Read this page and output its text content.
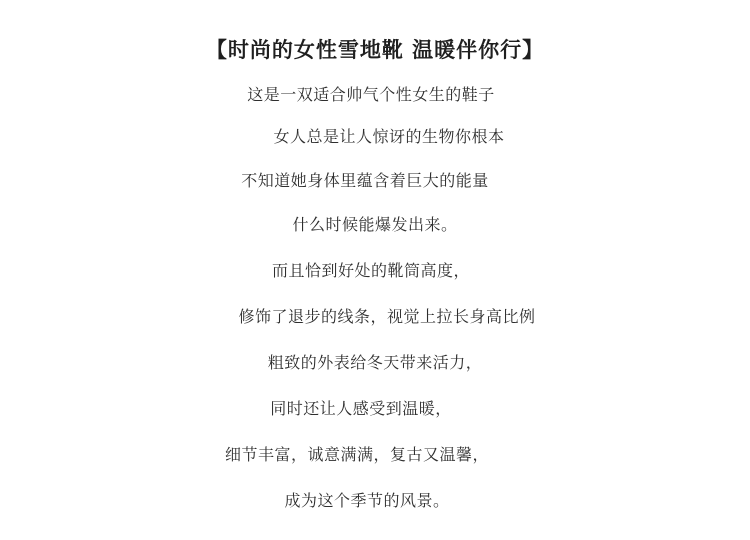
【时尚的女性雪地靴 温暖伴你行】
这是一双适合帅气个性女生的鞋子
女人总是让人惊讶的生物你根本
不知道她身体里蕴含着巨大的能量
什么时候能爆发出来。
而且恰到好处的靴筒高度，
修饰了退步的线条，视觉上拉长身高比例
粗致的外表给冬天带来活力，
同时还让人感受到温暖，
细节丰富，诚意满满，复古又温馨，
成为这个季节的风景。
